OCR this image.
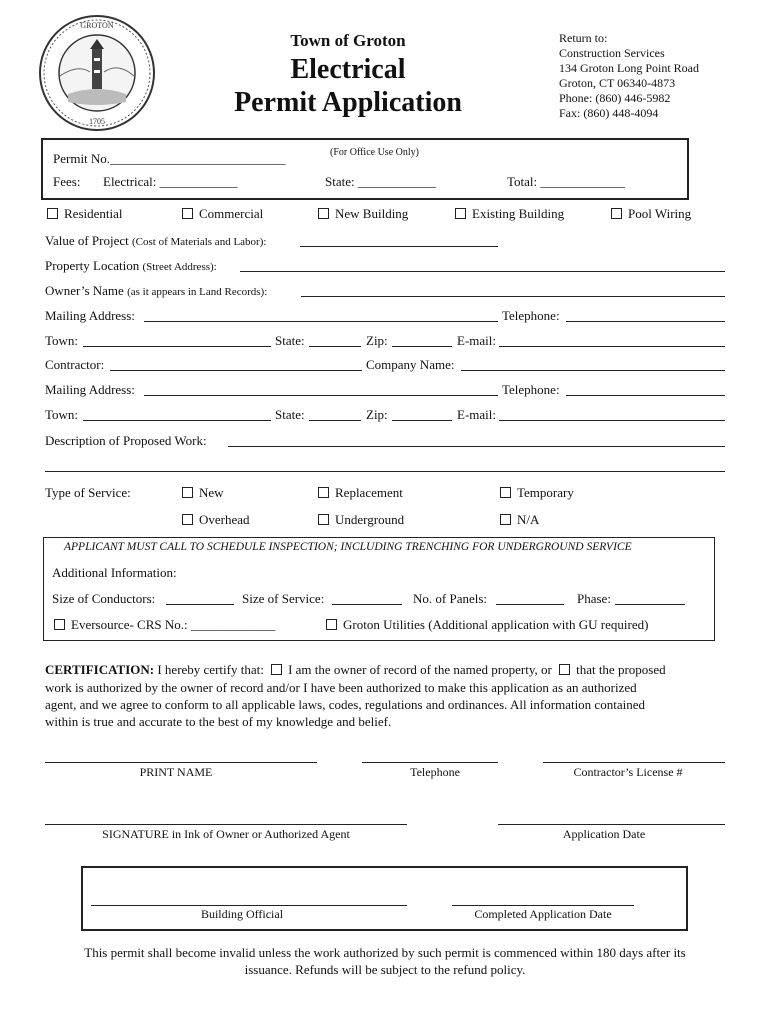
GROTON
1705
Town of Groton
Electrical
Permit Application
Return to:
Construction Services
134 Groton Long Point Road
Groton, CT 06340-4873
Phone: (860) 446-5982
Fax: (860) 448-4094
(For Office Use Only)
Permit No.___________________________
Fees: Electrical: ____________	State: ____________	Total: _____________
Residential	Commercial	New Building	Existing Building	Pool Wiring
Value of Project (Cost of Materials and Labor):
Property Location (Street Address):
Owner’s Name (as it appears in Land Records):
Mailing Address:	Telephone:
Town:	State:	Zip:	E-mail:
Contractor:	Company Name:
Mailing Address:	Telephone:
Town:	State:	Zip:	E-mail:
Description of Proposed Work:
Type of Service:	New	Replacement	Temporary
Overhead	Underground	N/A
APPLICANT MUST CALL TO SCHEDULE INSPECTION; INCLUDING TRENCHING FOR UNDERGROUND SERVICE
Additional Information:
Size of Conductors:	Size of Service:	No. of Panels:	Phase:
Eversource- CRS No.: _____________	Groton Utilities (Additional application with GU required)
CERTIFICATION: I hereby certify that: I am the owner of record of the named property, or that the proposed
work is authorized by the owner of record and/or I have been authorized to make this application as an authorized
agent, and we agree to conform to all applicable laws, codes, regulations and ordinances. All information contained
within is true and accurate to the best of my knowledge and belief.
PRINT NAME	Telephone	Contractor’s License #
SIGNATURE in Ink of Owner or Authorized Agent	Application Date
Building Official	Completed Application Date
This permit shall become invalid unless the work authorized by such permit is commenced within 180 days after its
issuance. Refunds will be subject to the refund policy.
